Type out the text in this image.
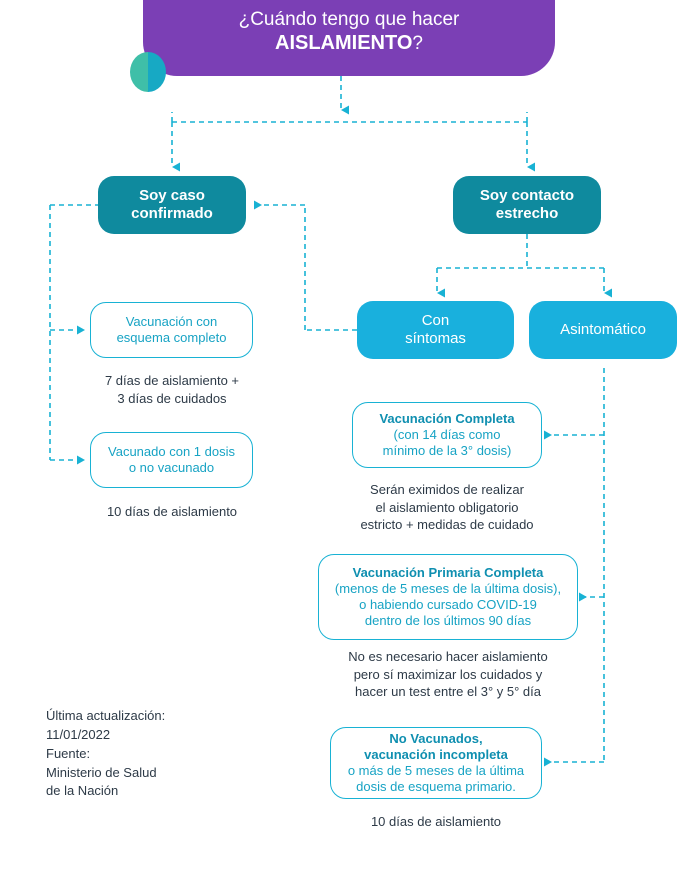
¿Cuándo tengo que hacer
AISLAMIENTO?
Soy caso
confirmado
Soy contacto
estrecho
Con
síntomas
Asintomático
Vacunación con
esquema completo
7 días de aislamiento +
3 días de cuidados
Vacunado con 1 dosis
o no vacunado
10 días de aislamiento
Vacunación Completa
(con 14 días como
mínimo de la 3° dosis)
Serán eximidos de realizar
el aislamiento obligatorio
estricto + medidas de cuidado
Vacunación Primaria Completa
(menos de 5 meses de la última dosis),
o habiendo cursado COVID-19
dentro de los últimos 90 días
No es necesario hacer aislamiento
pero sí maximizar los cuidados y
hacer un test entre el 3° y 5° día
No Vacunados,
vacunación incompleta
o más de 5 meses de la última
dosis de esquema primario.
10 días de aislamiento
Última actualización:
11/01/2022
Fuente:
Ministerio de Salud
de la Nación
